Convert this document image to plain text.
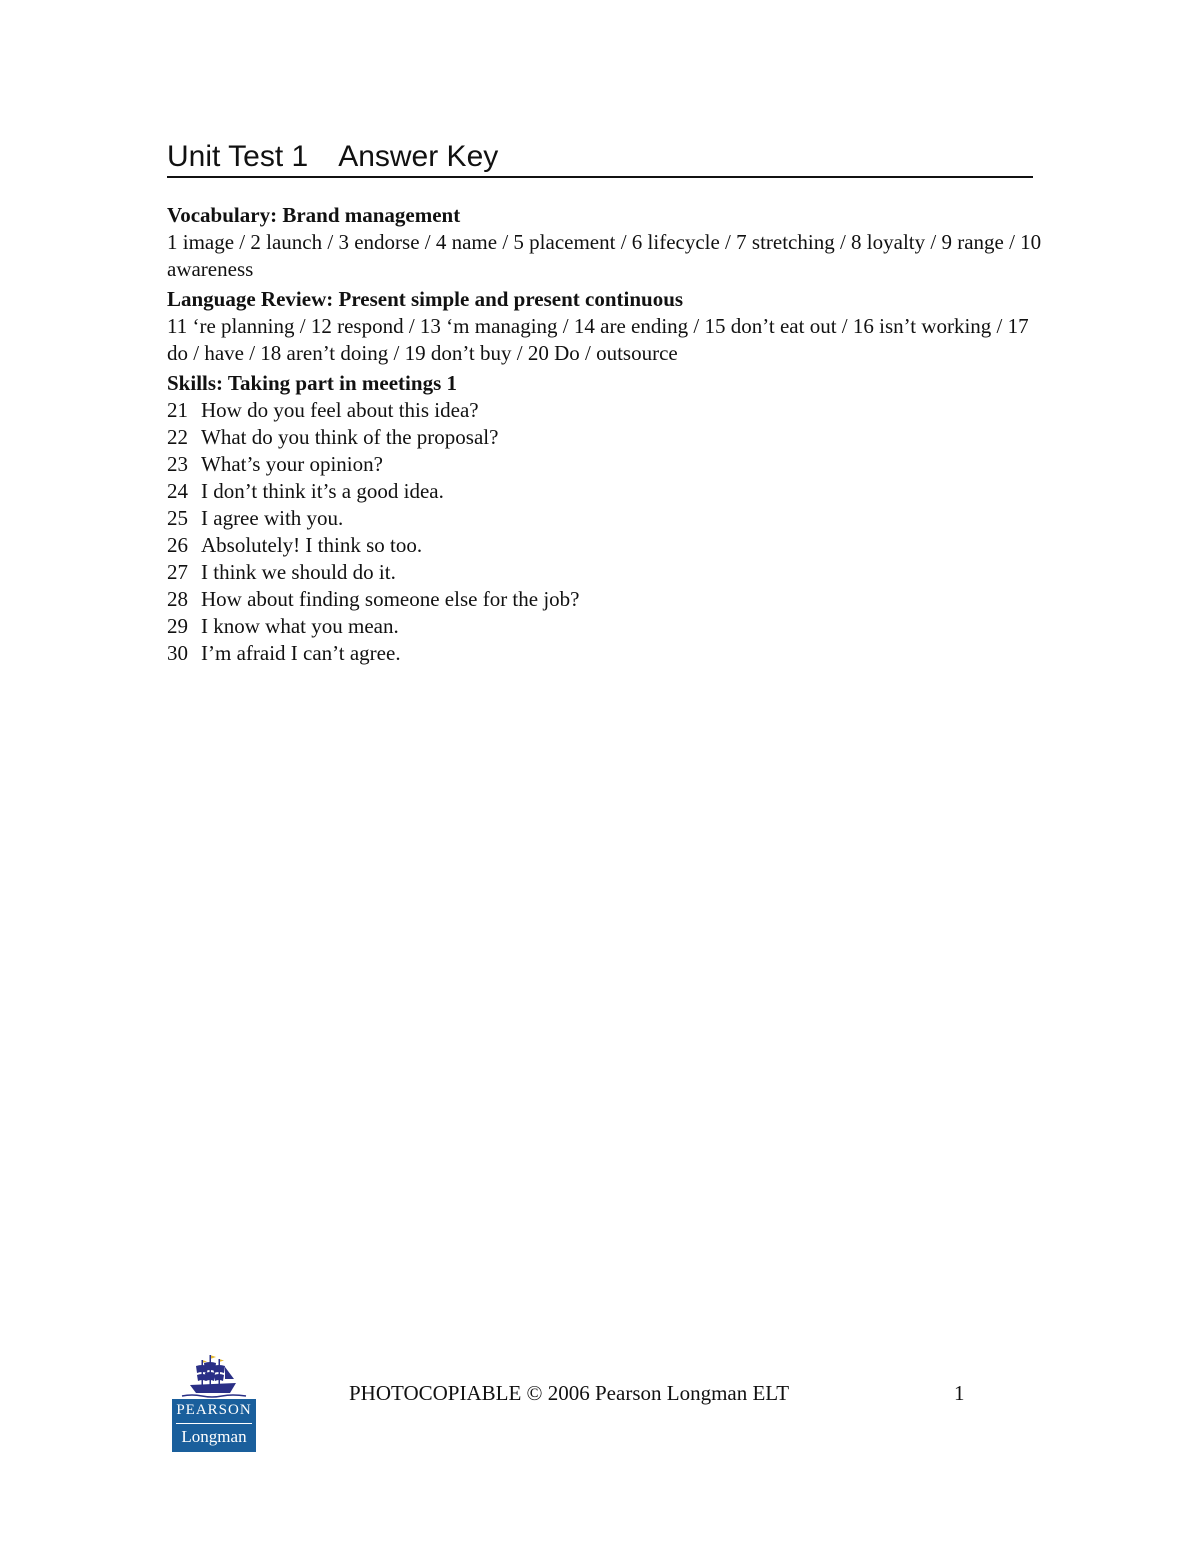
Unit Test 1 Answer Key

Vocabulary: Brand management

1 image / 2 launch / 3 endorse / 4 name / 5 placement / 6 lifecycle / 7 stretching / 8 loyalty / 9 range / 10 awareness

Language Review: Present simple and present continuous

11 ‘re planning / 12 respond / 13 ‘m managing / 14 are ending / 15 don’t eat out / 16 isn’t working / 17 do / have / 18 aren’t doing / 19 don’t buy / 20 Do / outsource

Skills: Taking part in meetings 1

21 How do you feel about this idea?
22 What do you think of the proposal?
23 What’s your opinion?
24 I don’t think it’s a good idea.
25 I agree with you.
26 Absolutely! I think so too.
27 I think we should do it.
28 How about finding someone else for the job?
29 I know what you mean.
30 I’m afraid I can’t agree.
PEARSON
Longman
PHOTOCOPIABLE © 2006 Pearson Longman ELT	1
